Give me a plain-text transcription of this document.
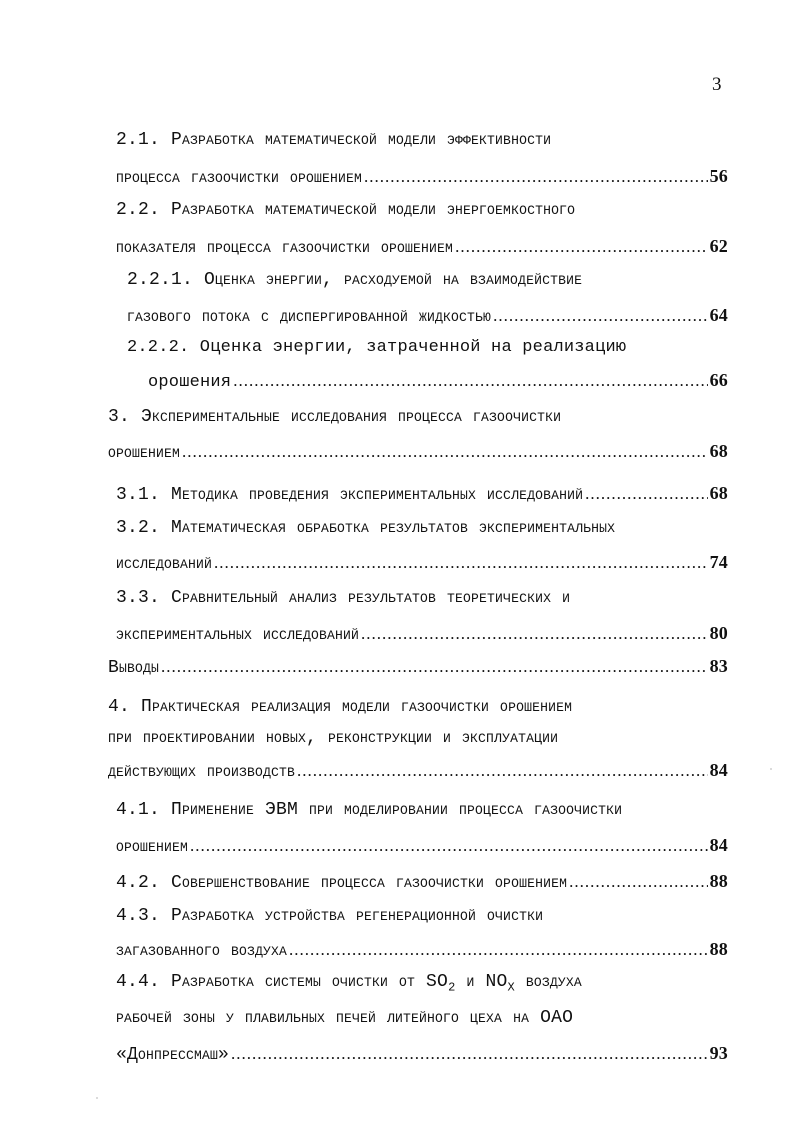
3
2.1. Разработка математической модели эффективности
процесса газоочистки орошением .....	56
2.2. Разработка математической модели энергоемкостного
показателя процесса газоочистки орошением .....	62
2.2.1. Оценка энергии, расходуемой на взаимодействие
газового потока с диспергированной жидкостью .....	64
2.2.2. Оценка энергии, затраченной на реализацию
орошения .....	66
3. Экспериментальные исследования процесса газоочистки
орошением .....	68
3.1. Методика проведения экспериментальных исследований .....	68
3.2. Математическая обработка результатов экспериментальных
исследований .....	74
3.3. Сравнительный анализ результатов теоретических и
экспериментальных исследований .....	80
Выводы .....	83
4. Практическая реализация модели газоочистки орошением
при проектировании новых, реконструкции и эксплуатации
действующих производств .....	84
4.1. Применение ЭВМ при моделировании процесса газоочистки
орошением .....	84
4.2. Совершенствование процесса газоочистки орошением .....	88
4.3. Разработка устройства регенерационной очистки
загазованного воздуха .....	88
4.4. Разработка системы очистки от $SO_2$ и $NO_X$ воздуха
рабочей зоны у плавильных печей литейного цеха на ОАО
«Донпрессмаш» .....	93
